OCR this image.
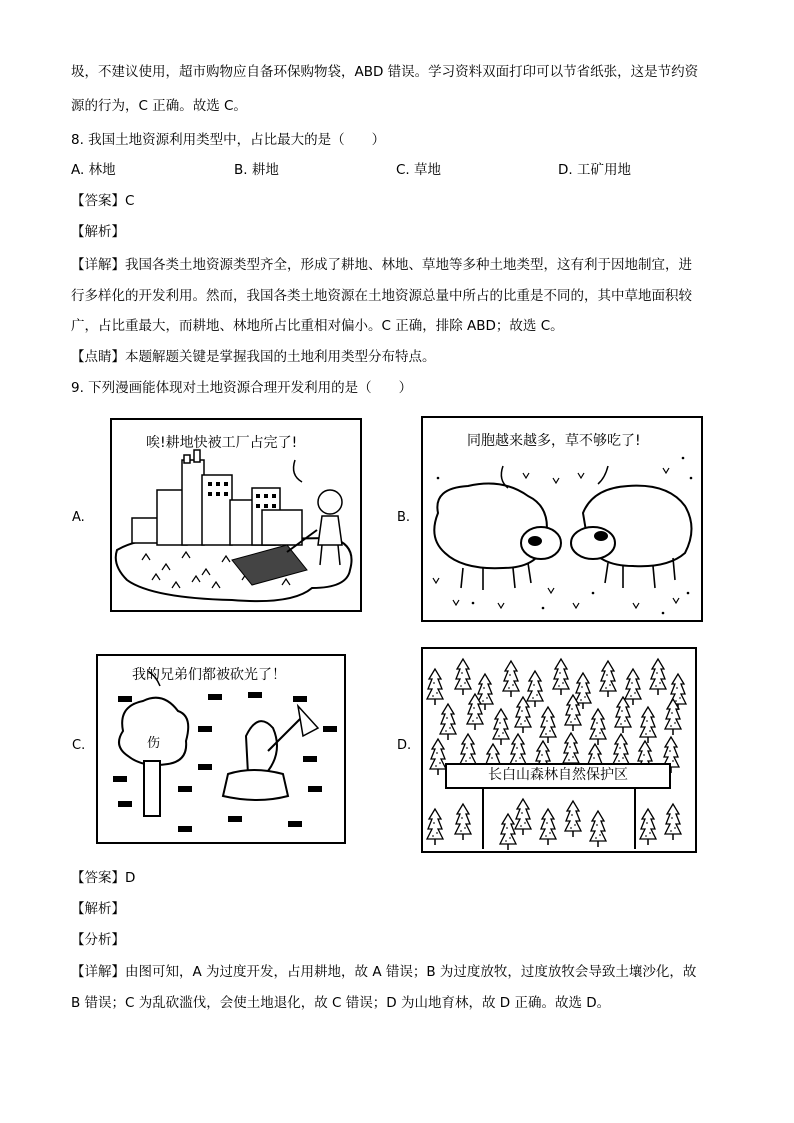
圾，不建议使用，超市购物应自备环保购物袋，ABD 错误。学习资料双面打印可以节省纸张，这是节约资
源的行为，C 正确。故选 C。
8. 我国土地资源利用类型中，占比最大的是（　　）
A. 林地	B. 耕地	C. 草地	D. 工矿用地
【答案】C
【解析】
【详解】我国各类土地资源类型齐全，形成了耕地、林地、草地等多种土地类型，这有利于因地制宜，进
行多样化的开发利用。然而，我国各类土地资源在土地资源总量中所占的比重是不同的，其中草地面积较
广，占比重最大，而耕地、林地所占比重相对偏小。C 正确，排除 ABD；故选 C。
【点睛】本题解题关键是掌握我国的土地利用类型分布特点。
9. 下列漫画能体现对土地资源合理开发利用的是（　　）
A.
唉!耕地快被工厂占完了!
B.
同胞越来越多，草不够吃了!
C.
我的兄弟们都被砍光了！
伤	D.
长白山森林自然保护区
【答案】D
【解析】
【分析】
【详解】由图可知，A 为过度开发，占用耕地，故 A 错误；B 为过度放牧，过度放牧会导致土壤沙化，故
B 错误；C 为乱砍滥伐，会使土地退化，故 C 错误；D 为山地育林，故 D 正确。故选 D。
